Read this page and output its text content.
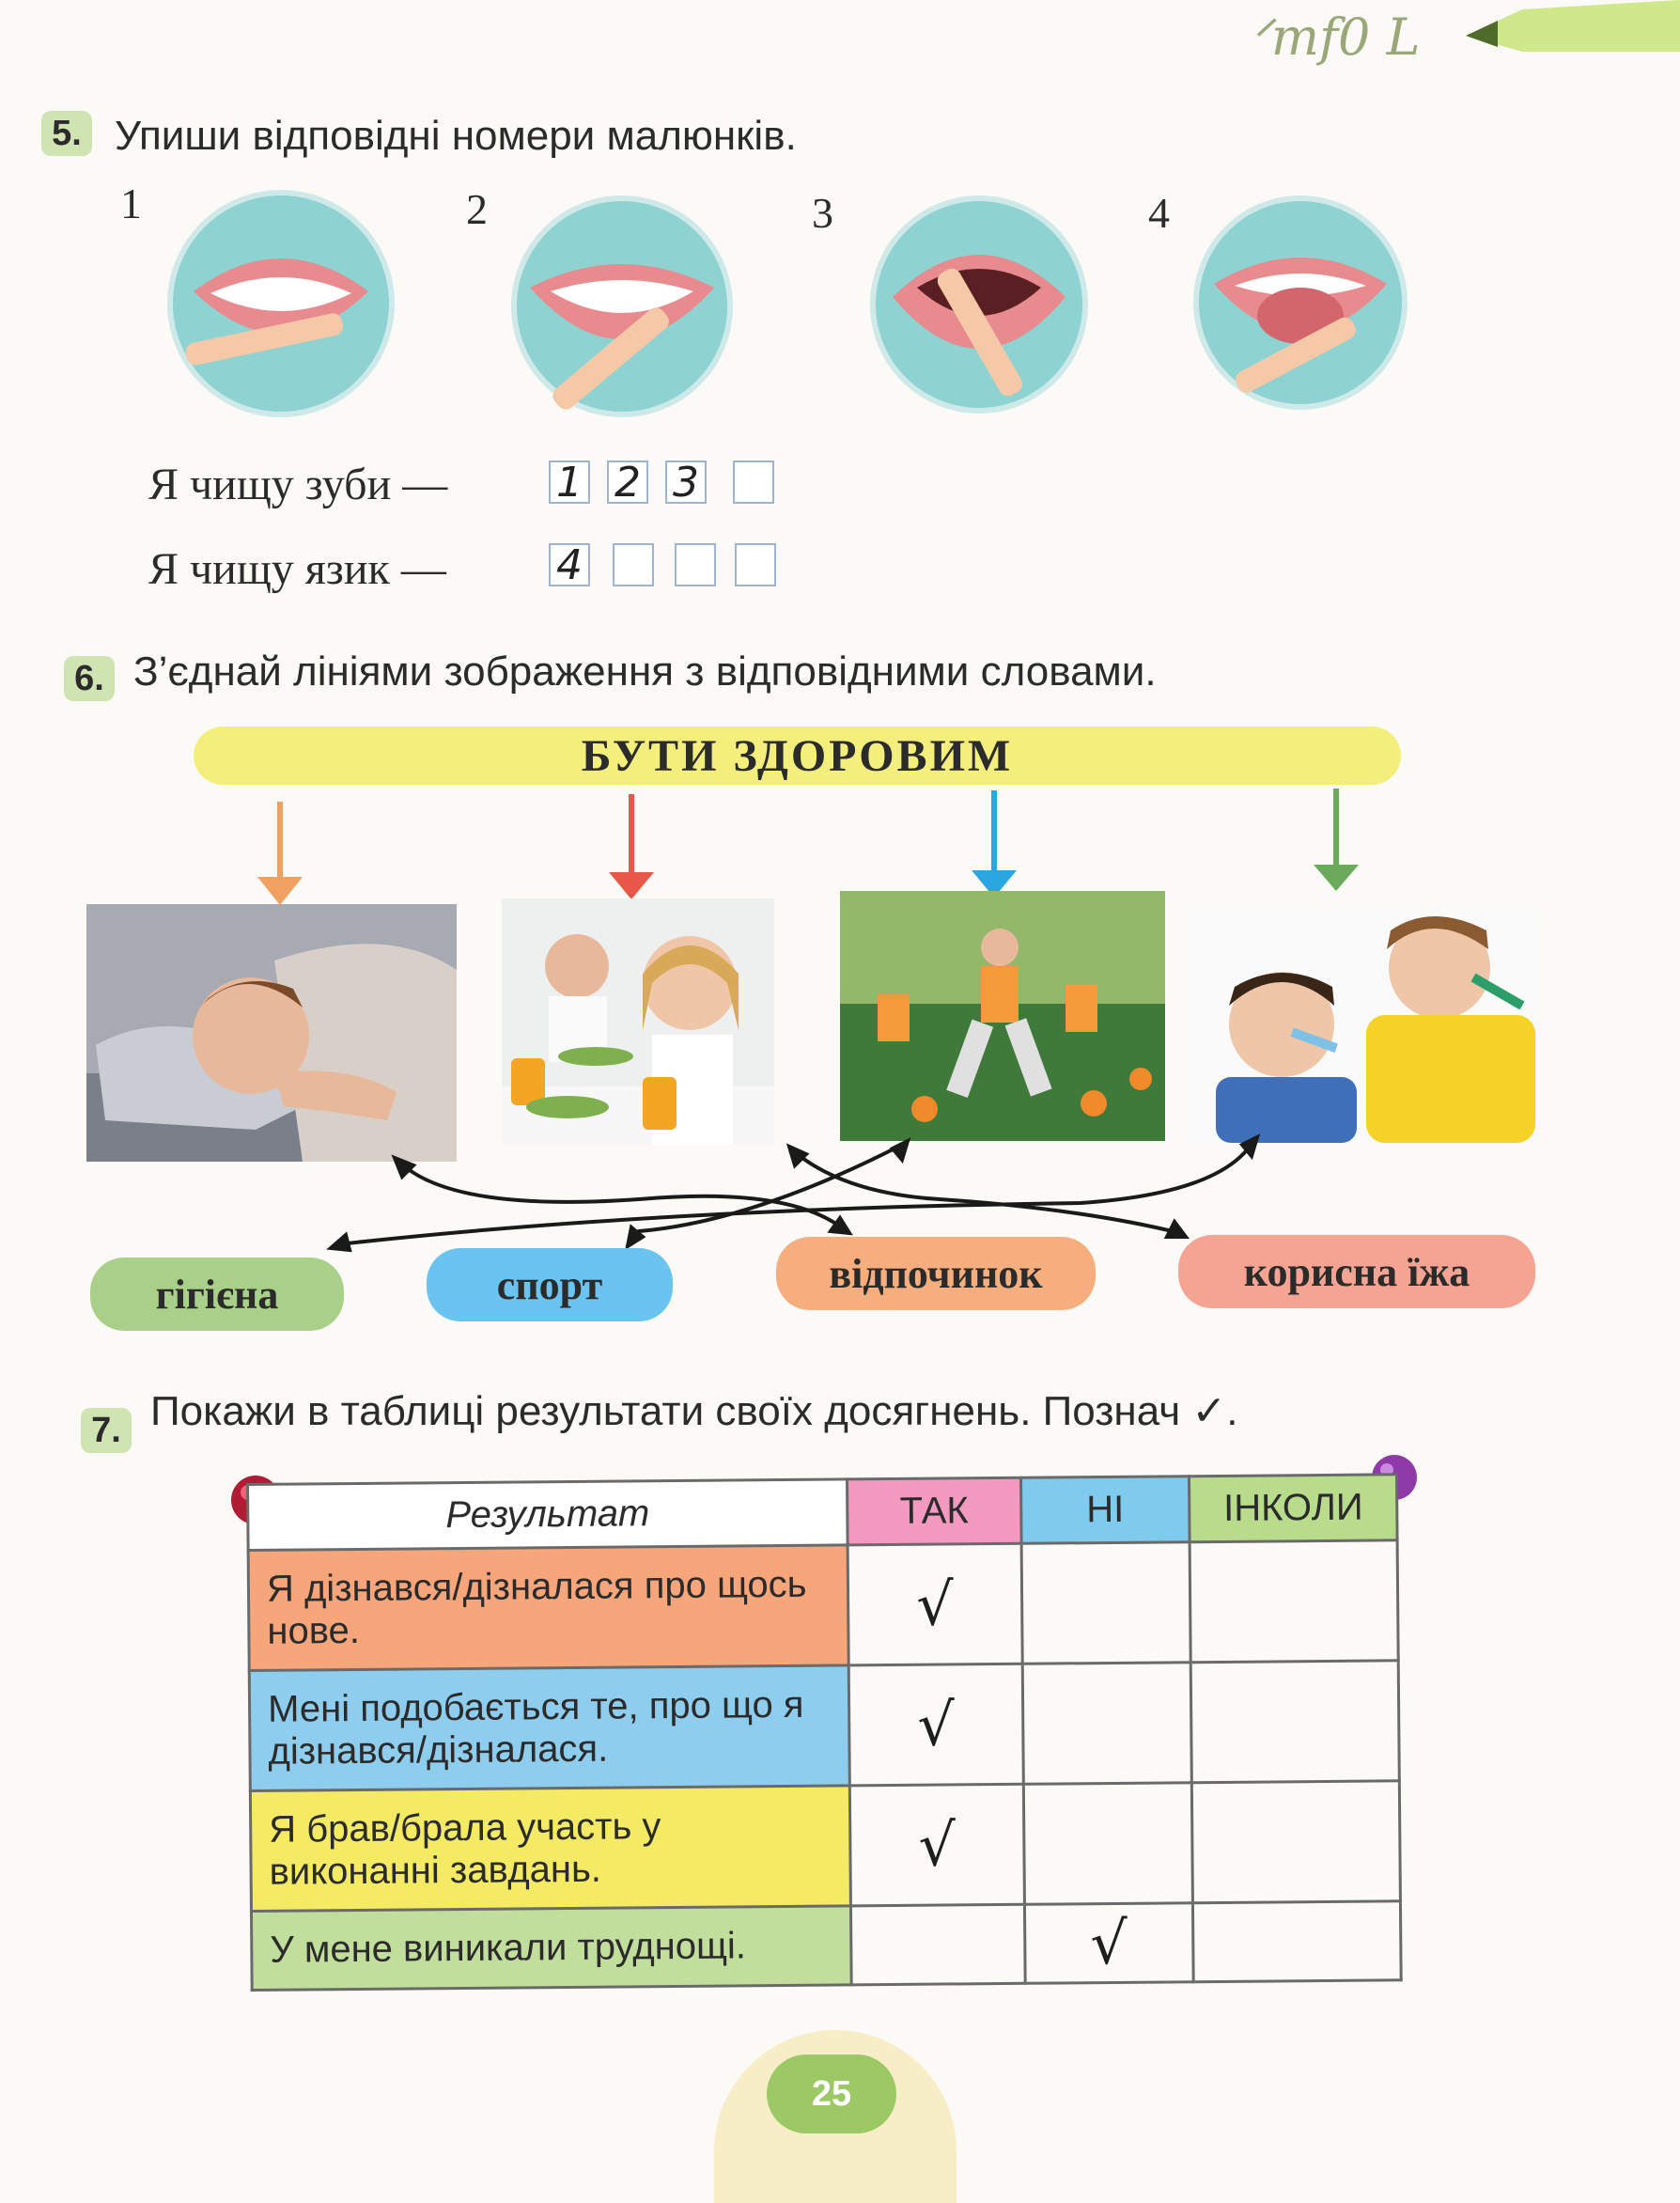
ᐟmf0 L
5. Упиши відповідні номери малюнків.
1	2	3	4
Я чищу зуби —	1 2 3
Я чищу язик —	4
6. З’єднай лініями зображення з відповідними словами.
БУТИ ЗДОРОВИМ
гігієна	спорт	відпочинок	корисна їжа
7. Покажи в таблиці результати своїх досягнень. Познач ✓.
Результат	ТАК	НІ	ІНКОЛИ
Я дізнався/дізналася про щось нове.	√		
Мені подобається те, про що я дізнався/дізналася.	√		
Я брав/брала участь у виконанні завдань.	√		
У мене виникали труднощі.		√	
25
